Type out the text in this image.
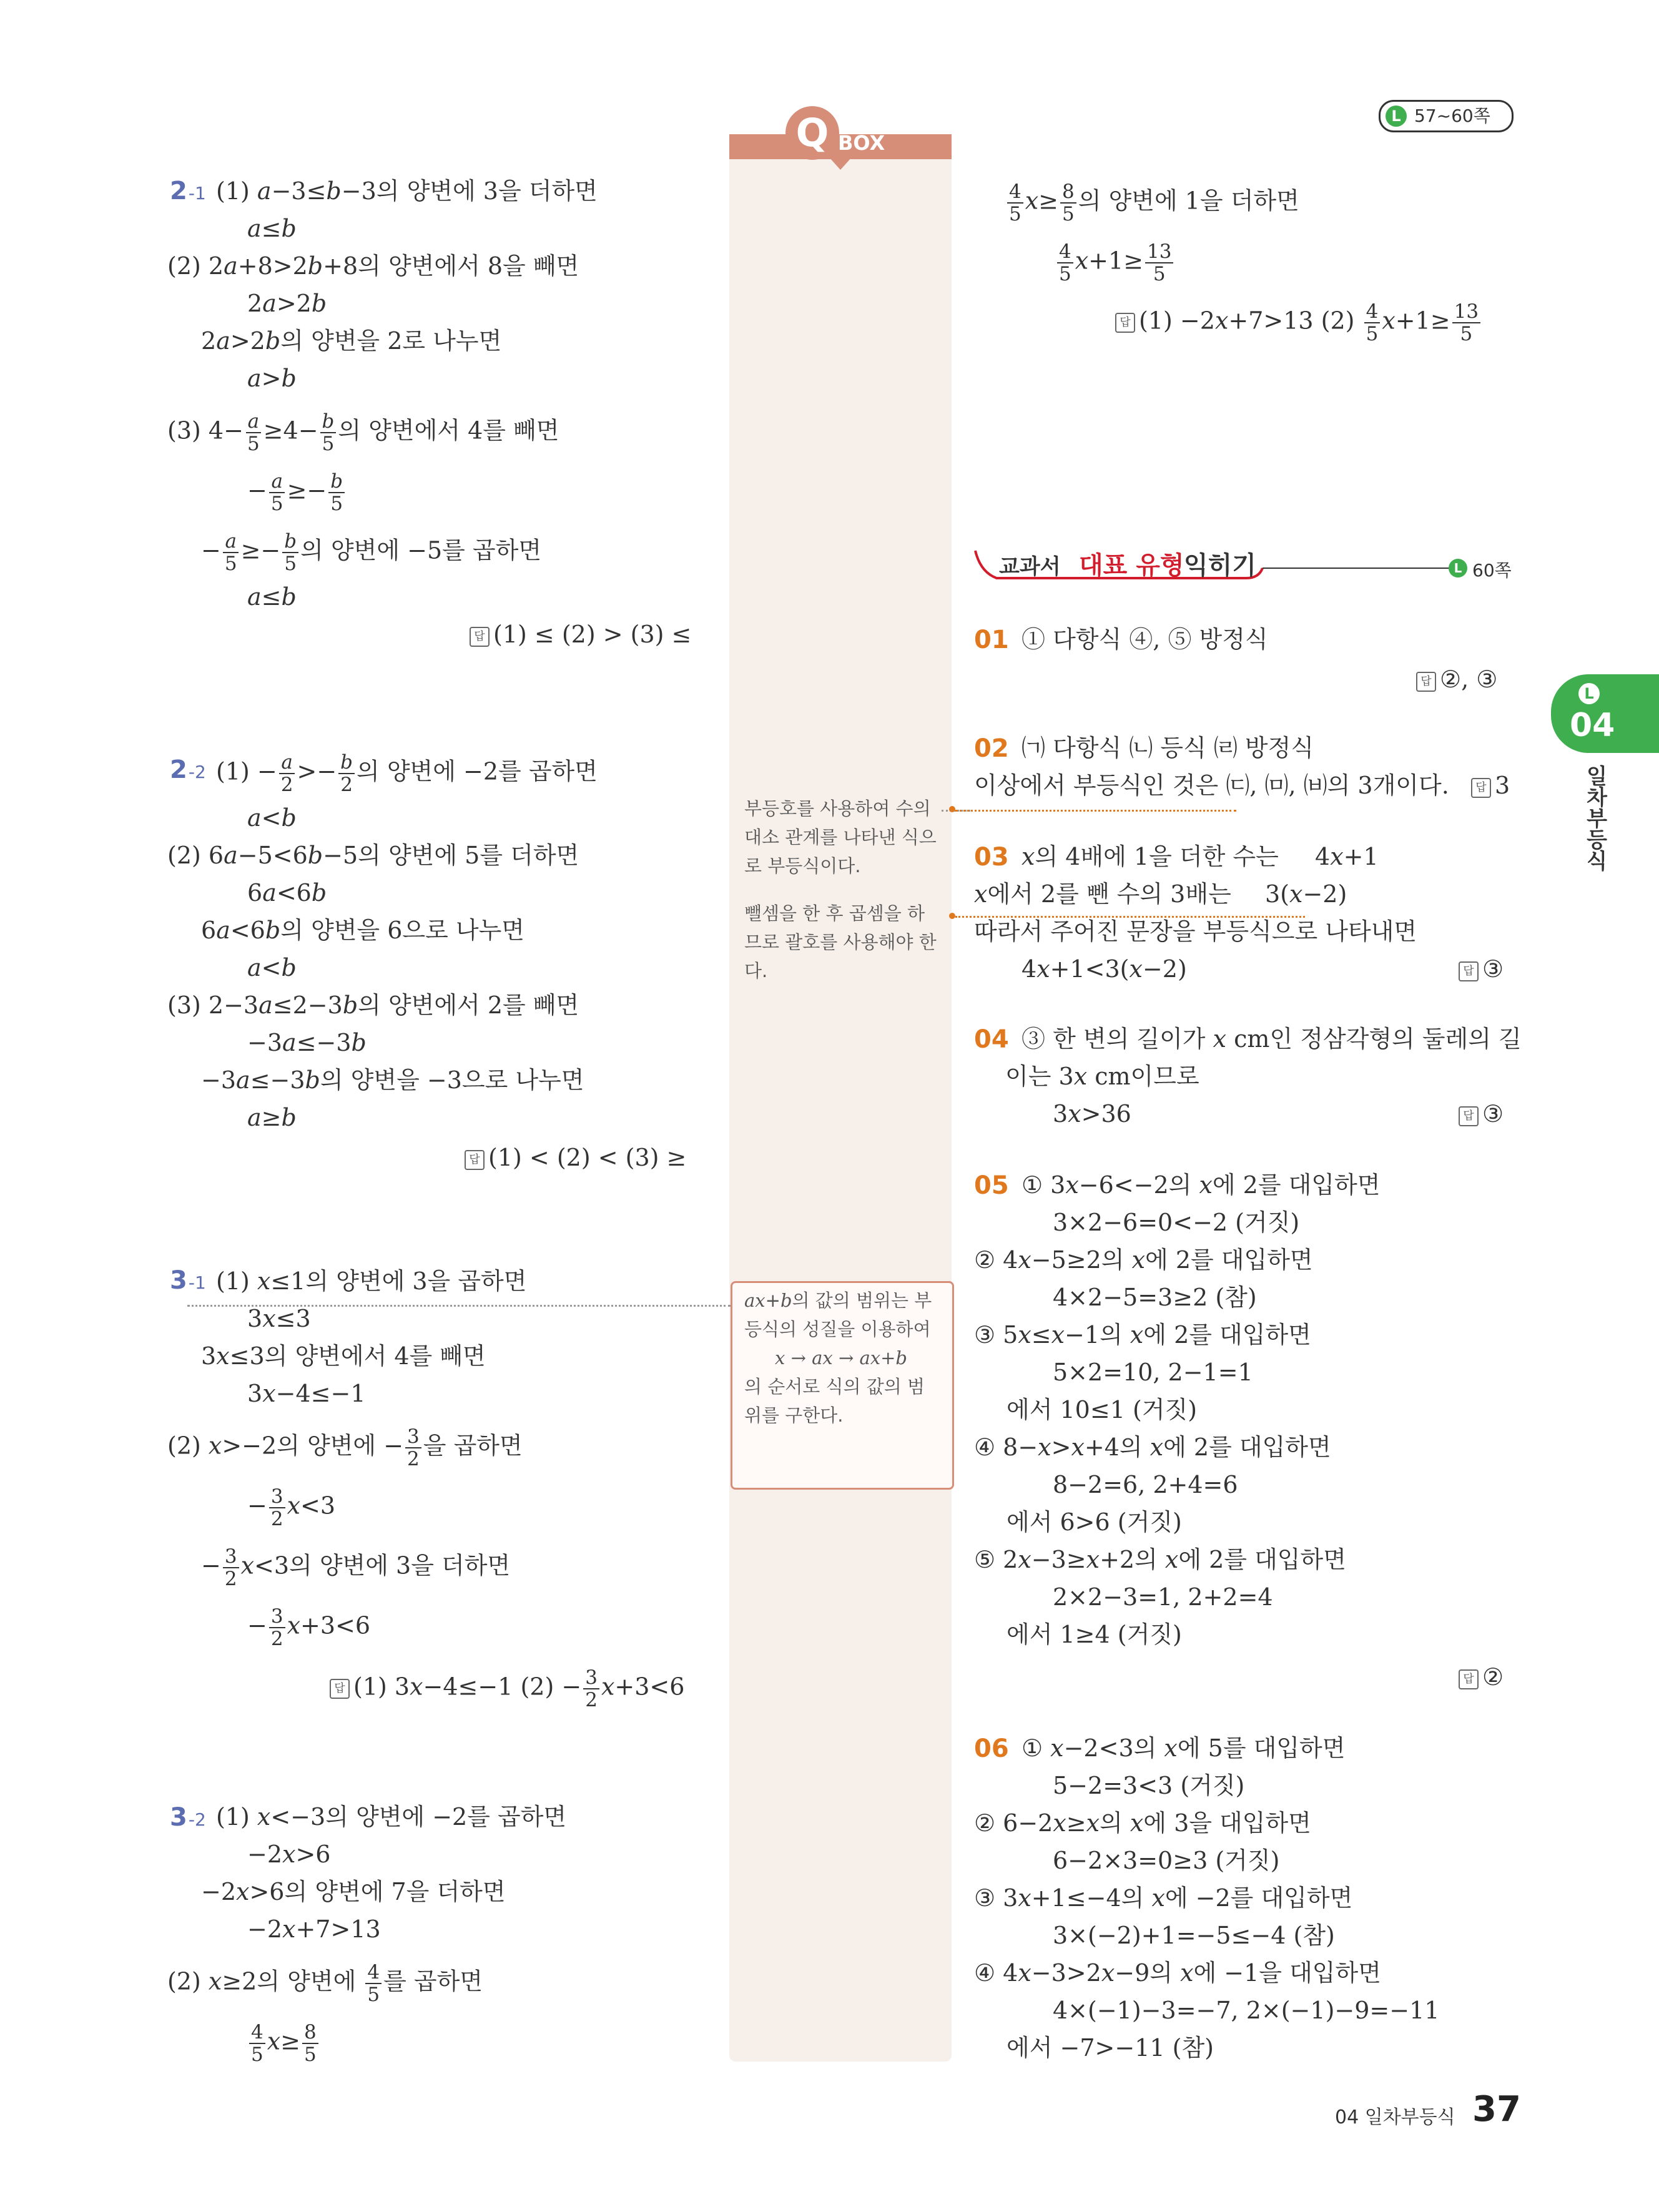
L 57~60쪽
Q BOX
부등호를 사용하여 수의 대소 관계를 나타낸 식으로 부등식이다.
뺄셈을 한 후 곱셈을 하므로 괄호를 사용해야 한다.
ax+b의 값의 범위는 부등식의 성질을 이용하여

x → ax → ax+b
의 순서로 식의 값의 범위를 구한다.
2-1 (1) a−3≤b−3의 양변에 3을 더하면
a≤b
(2) 2a+8>2b+8의 양변에서 8을 빼면
2a>2b
2a>2b의 양변을 2로 나누면
a>b
(3) $4- \frac{a}{5} \ge 4- \frac{b}{5}$ 의 양변에서 4를 빼면
− $\frac{a}{5} \ge- \frac{b}{5}$
− $\frac{a}{5} \ge- \frac{b}{5}$ 의 양변에 −5를 곱하면
a≤b
답 (1) ≤ (2) > (3) ≤
2-2 $(1) - \frac{a}{2} >- \frac{b}{2}$ 의 양변에 −2를 곱하면
a<b
(2) 6a−5<6b−5의 양변에 5를 더하면
6a<6b
6a<6b의 양변을 6으로 나누면
a<b
(3) 2−3a≤2−3b의 양변에서 2를 빼면
−3a≤−3b
−3a≤−3b의 양변을 −3으로 나누면
a≥b
답 (1) < (2) < (3) ≥
3-1 (1) x≤1의 양변에 3을 곱하면
3x≤3
3x≤3의 양변에서 4를 빼면
3x−4≤−1
(2) x>−2의 양변에 − $\frac{3}{2}$ 을 곱하면
− $\frac{3}{2} x<3$
− $\frac{3}{2} x<3$의 양변에 3을 더하면
− $\frac{3}{2} x+3<6$
답 (1) 3x−4≤−1 $(2) - \frac{3}{2} x+3<6$
3-2 (1) x<−3의 양변에 −2를 곱하면
−2x>6
−2x>6의 양변에 7을 더하면
−2x+7>13
(2) x≥2의 양변에 $\frac{4}{5}$ 를 곱하면
$\frac{4}{5} x\ge \frac{8}{5}$
$\frac{4}{5} x\ge \frac{8}{5}$ 의 양변에 1을 더하면
$\frac{4}{5} x+1\ge \frac{13}{5}$
답 (1) −2x+7>13 $(2) \frac{4}{5} x+1\ge \frac{13}{5}$
교과서 대표 유형 익히기	L 60쪽
01 ① 다항식 ④, ⑤ 방정식
답 ②, ③
02 ㈀ 다항식 ㈁ 등식 ㈃ 방정식
이상에서 부등식인 것은 ㈂, ㈄, ㈅의 3개이다.	답 3
03 x의 4배에 1을 더한 수는 4x+1
x에서 2를 뺀 수의 3배는 3(x−2)
따라서 주어진 문장을 부등식으로 나타내면
4x+1<3(x−2)	답 ③
04 ③ 한 변의 길이가 x cm인 정삼각형의 둘레의 길
이는 3x cm이므로
3x>36	답 ③
05 ① 3x−6<−2의 x에 2를 대입하면
3×2−6=0<−2 (거짓)
② 4x−5≥2의 x에 2를 대입하면
4×2−5=3≥2 (참)
③ 5x≤x−1의 x에 2를 대입하면
5×2=10, 2−1=1
에서 10≤1 (거짓)
④ 8−x>x+4의 x에 2를 대입하면
8−2=6, 2+4=6
에서 6>6 (거짓)
⑤ 2x−3≥x+2의 x에 2를 대입하면
2×2−3=1, 2+2=4
에서 1≥4 (거짓)
답 ②
06 ① x−2<3의 x에 5를 대입하면
5−2=3<3 (거짓)
② 6−2x≥x의 x에 3을 대입하면
6−2×3=0≥3 (거짓)
③ 3x+1≤−4의 x에 −2를 대입하면
3×(−2)+1=−5≤−4 (참)
④ 4x−3>2x−9의 x에 −1을 대입하면
4×(−1)−3=−7, 2×(−1)−9=−11
에서 −7>−11 (참)
L
04
일차부등식
04 일차부등식 37
